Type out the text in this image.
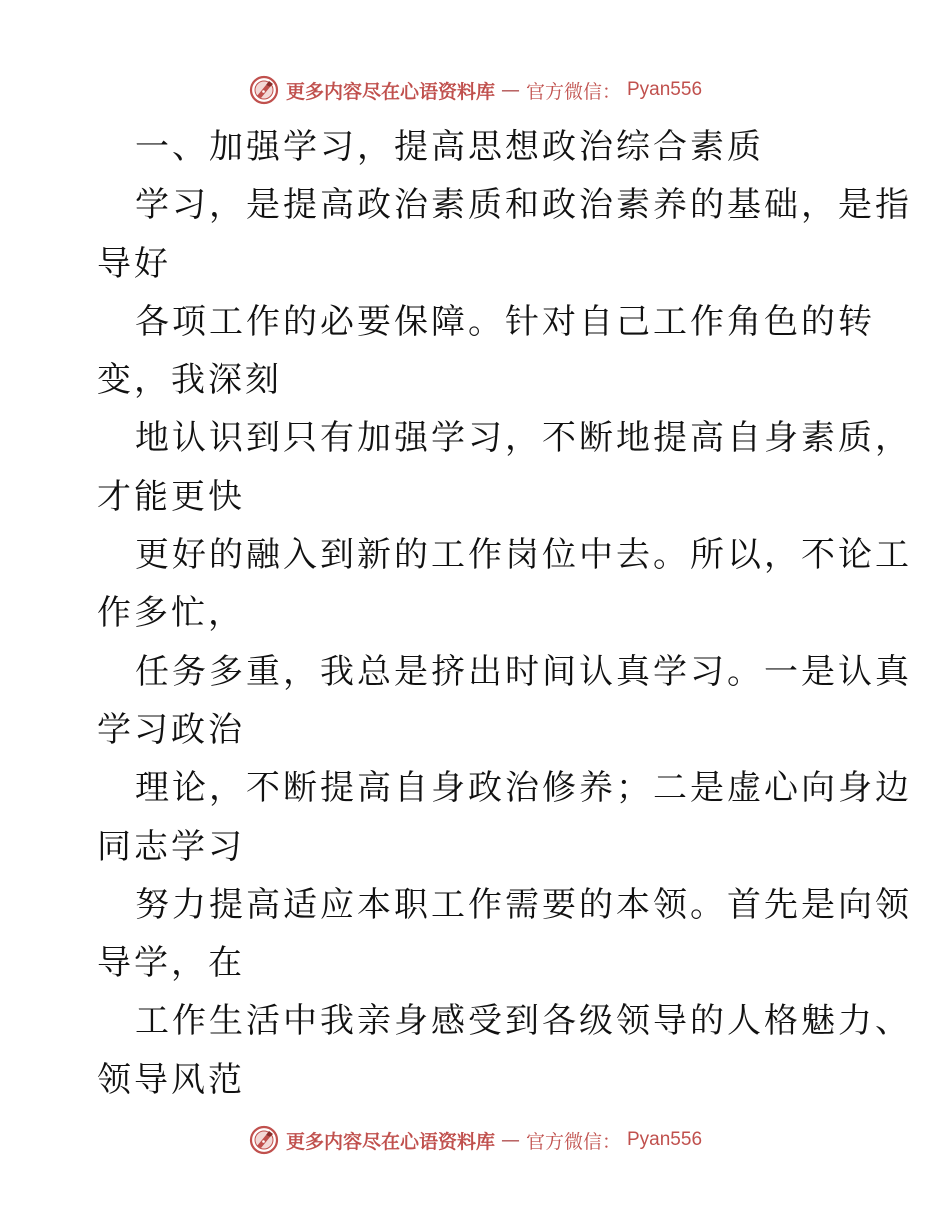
更多内容尽在心语资料库 — 官方微信： Pyan556
一、加强学习，提高思想政治综合素质
学习，是提高政治素质和政治素养的基础，是指
导好
各项工作的必要保障。针对自己工作角色的转
变，我深刻
地认识到只有加强学习，不断地提高自身素质，
才能更快
更好的融入到新的工作岗位中去。所以，不论工
作多忙，
任务多重，我总是挤出时间认真学习。一是认真
学习政治
理论，不断提高自身政治修养；二是虚心向身边
同志学习
努力提高适应本职工作需要的本领。首先是向领
导学，在
工作生活中我亲身感受到各级领导的人格魅力、
领导风范
更多内容尽在心语资料库 — 官方微信： Pyan556
